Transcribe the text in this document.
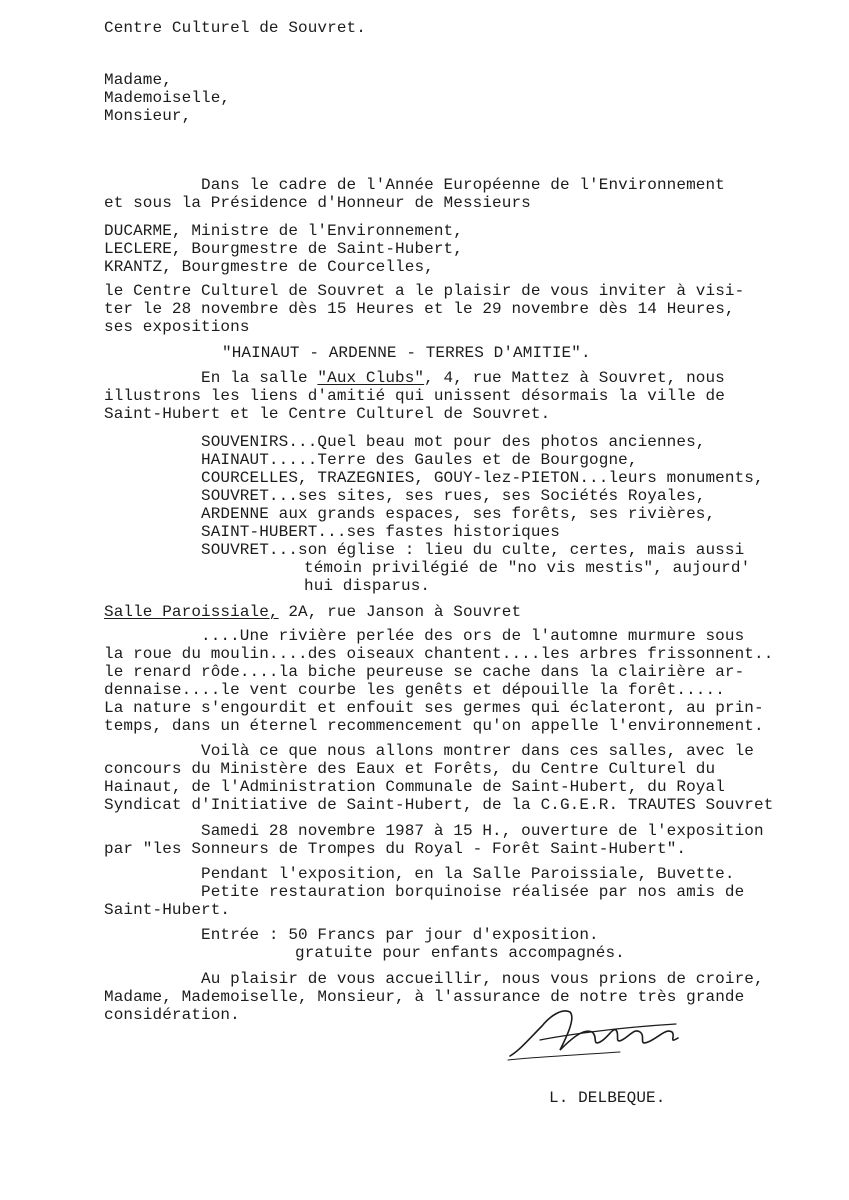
Centre Culturel de Souvret.
Madame,
Mademoiselle,
Monsieur,
Dans le cadre de l'Année Européenne de l'Environnement
et sous la Présidence d'Honneur de Messieurs
DUCARME, Ministre de l'Environnement,
LECLERE, Bourgmestre de Saint-Hubert,
KRANTZ, Bourgmestre de Courcelles,
le Centre Culturel de Souvret a le plaisir de vous inviter à visi-
ter le 28 novembre dès 15 Heures et le 29 novembre dès 14 Heures,
ses expositions
"HAINAUT - ARDENNE - TERRES D'AMITIE".
En la salle "Aux Clubs", 4, rue Mattez à Souvret, nous
illustrons les liens d'amitié qui unissent désormais la ville de
Saint-Hubert et le Centre Culturel de Souvret.
SOUVENIRS...Quel beau mot pour des photos anciennes,
HAINAUT.....Terre des Gaules et de Bourgogne,
COURCELLES, TRAZEGNIES, GOUY-lez-PIETON...leurs monuments,
SOUVRET...ses sites, ses rues, ses Sociétés Royales,
ARDENNE aux grands espaces, ses forêts, ses rivières,
SAINT-HUBERT...ses fastes historiques
SOUVRET...son église : lieu du culte, certes, mais aussi
témoin privilégié de "no vis mestis", aujourd'
hui disparus.
Salle Paroissiale, 2A, rue Janson à Souvret
....Une rivière perlée des ors de l'automne murmure sous
la roue du moulin....des oiseaux chantent....les arbres frissonnent..
le renard rôde....la biche peureuse se cache dans la clairière ar-
dennaise....le vent courbe les genêts et dépouille la forêt.....
La nature s'engourdit et enfouit ses germes qui éclateront, au prin-
temps, dans un éternel recommencement qu'on appelle l'environnement.
Voilà ce que nous allons montrer dans ces salles, avec le
concours du Ministère des Eaux et Forêts, du Centre Culturel du
Hainaut, de l'Administration Communale de Saint-Hubert, du Royal
Syndicat d'Initiative de Saint-Hubert, de la C.G.E.R. TRAUTES Souvret
Samedi 28 novembre 1987 à 15 H., ouverture de l'exposition
par "les Sonneurs de Trompes du Royal - Forêt Saint-Hubert".
Pendant l'exposition, en la Salle Paroissiale, Buvette.
Petite restauration borquinoise réalisée par nos amis de
Saint-Hubert.
Entrée : 50 Francs par jour d'exposition.
gratuite pour enfants accompagnés.
Au plaisir de vous accueillir, nous vous prions de croire,
Madame, Mademoiselle, Monsieur, à l'assurance de notre très grande
considération.
L. DELBEQUE.
